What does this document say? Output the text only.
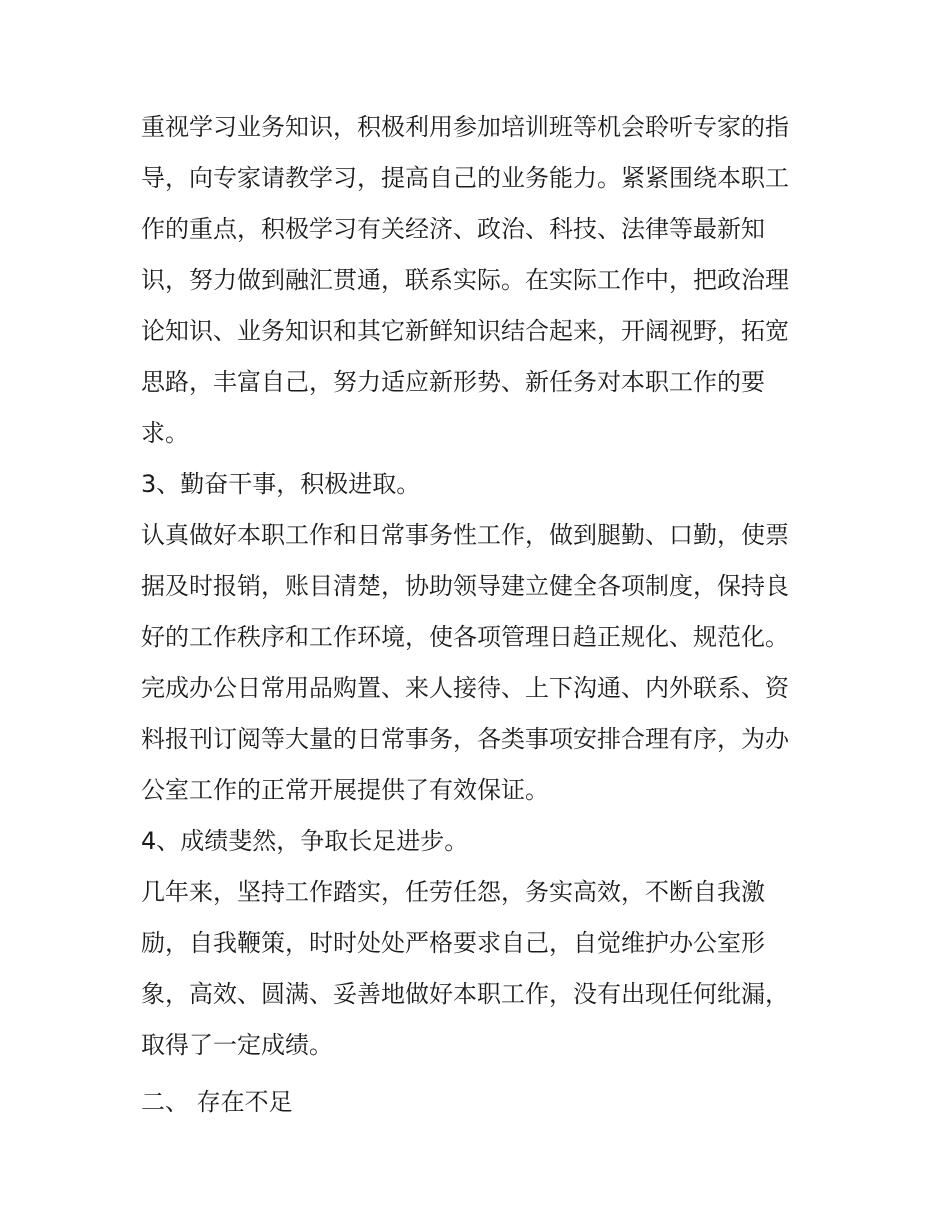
重视学习业务知识，积极利用参加培训班等机会聆听专家的指
导，向专家请教学习，提高自己的业务能力。紧紧围绕本职工
作的重点，积极学习有关经济、政治、科技、法律等最新知
识，努力做到融汇贯通，联系实际。在实际工作中，把政治理
论知识、业务知识和其它新鲜知识结合起来，开阔视野，拓宽
思路，丰富自己，努力适应新形势、新任务对本职工作的要
求。

3、勤奋干事，积极进取。

认真做好本职工作和日常事务性工作，做到腿勤、口勤，使票
据及时报销，账目清楚，协助领导建立健全各项制度，保持良
好的工作秩序和工作环境，使各项管理日趋正规化、规范化。
完成办公日常用品购置、来人接待、上下沟通、内外联系、资
料报刊订阅等大量的日常事务，各类事项安排合理有序，为办
公室工作的正常开展提供了有效保证。

4、成绩斐然，争取长足进步。

几年来，坚持工作踏实，任劳任怨，务实高效，不断自我激
励，自我鞭策，时时处处严格要求自己，自觉维护办公室形
象，高效、圆满、妥善地做好本职工作，没有出现任何纰漏，
取得了一定成绩。

二、 存在不足
